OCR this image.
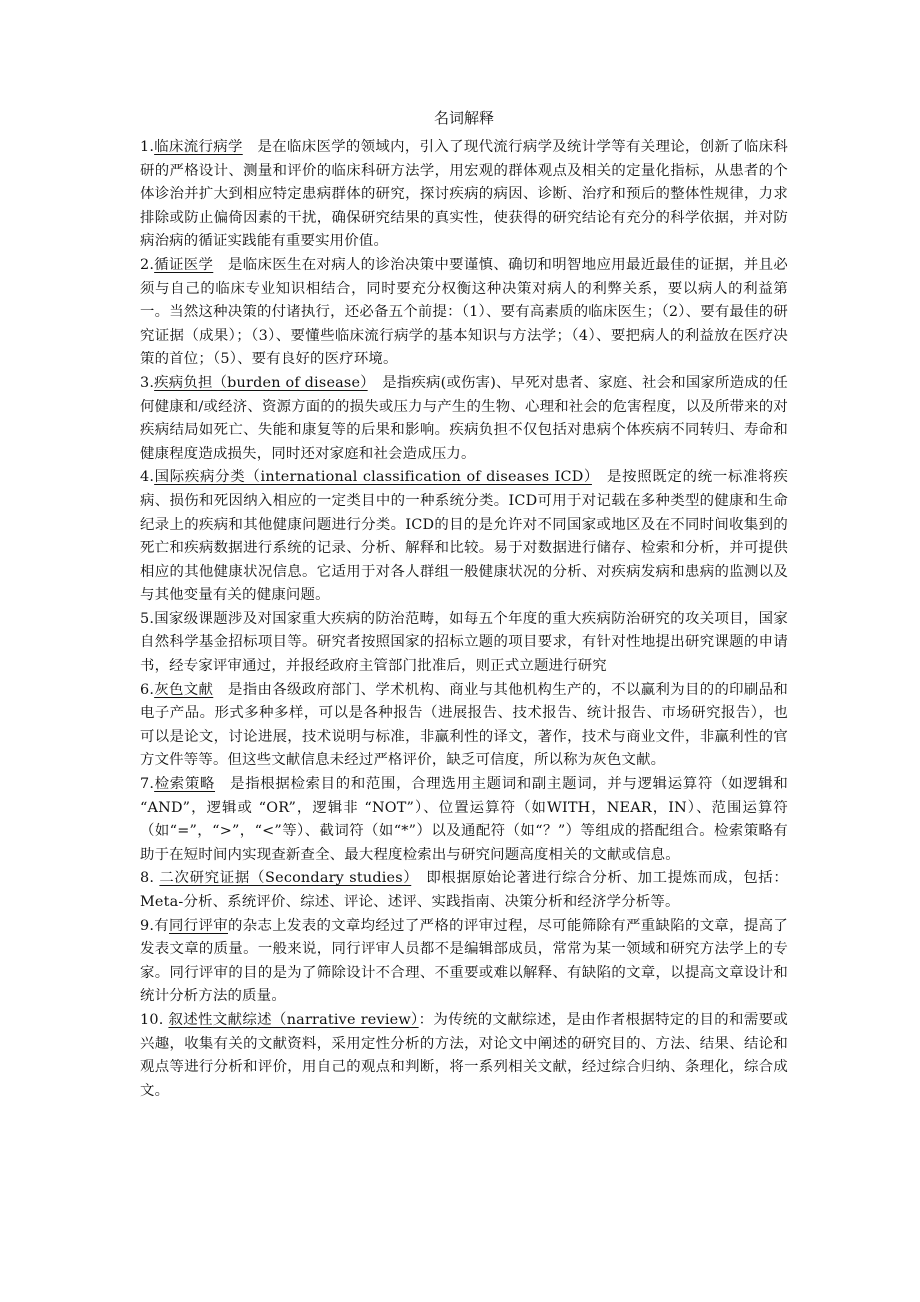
名词解释

1.临床流行病学　是在临床医学的领域内，引入了现代流行病学及统计学等有关理论，创新了临床科研的严格设计、测量和评价的临床科研方法学，用宏观的群体观点及相关的定量化指标，从患者的个体诊治并扩大到相应特定患病群体的研究，探讨疾病的病因、诊断、治疗和预后的整体性规律，力求排除或防止偏倚因素的干扰，确保研究结果的真实性，使获得的研究结论有充分的科学依据，并对防病治病的循证实践能有重要实用价值。

2.循证医学　是临床医生在对病人的诊治决策中要谨慎、确切和明智地应用最近最佳的证据，并且必须与自己的临床专业知识相结合，同时要充分权衡这种决策对病人的利弊关系，要以病人的利益第一。当然这种决策的付诸执行，还必备五个前提：（1）、要有高素质的临床医生；（2）、要有最佳的研究证据（成果）；（3）、要懂些临床流行病学的基本知识与方法学；（4）、要把病人的利益放在医疗决策的首位；（5）、要有良好的医疗环境。

3.疾病负担（burden of disease）　是指疾病(或伤害)、早死对患者、家庭、社会和国家所造成的任何健康和/或经济、资源方面的的损失或压力与产生的生物、心理和社会的危害程度，以及所带来的对疾病结局如死亡、失能和康复等的后果和影响。疾病负担不仅包括对患病个体疾病不同转归、寿命和健康程度造成损失，同时还对家庭和社会造成压力。

4.国际疾病分类（international classification of diseases ICD）　是按照既定的统一标准将疾病、损伤和死因纳入相应的一定类目中的一种系统分类。ICD可用于对记载在多种类型的健康和生命纪录上的疾病和其他健康问题进行分类。ICD的目的是允许对不同国家或地区及在不同时间收集到的死亡和疾病数据进行系统的记录、分析、解释和比较。易于对数据进行储存、检索和分析，并可提供相应的其他健康状况信息。它适用于对各人群组一般健康状况的分析、对疾病发病和患病的监测以及与其他变量有关的健康问题。

5.国家级课题涉及对国家重大疾病的防治范畴，如每五个年度的重大疾病防治研究的攻关项目，国家自然科学基金招标项目等。研究者按照国家的招标立题的项目要求，有针对性地提出研究课题的申请书，经专家评审通过，并报经政府主管部门批准后，则正式立题进行研究

6.灰色文献　是指由各级政府部门、学术机构、商业与其他机构生产的，不以赢利为目的的印刷品和电子产品。形式多种多样，可以是各种报告（进展报告、技术报告、统计报告、市场研究报告），也可以是论文，讨论进展，技术说明与标准，非赢利性的译文，著作，技术与商业文件，非赢利性的官方文件等等。但这些文献信息未经过严格评价，缺乏可信度，所以称为灰色文献。

7.检索策略　是指根据检索目的和范围，合理选用主题词和副主题词，并与逻辑运算符（如逻辑和 “AND”，逻辑或 “OR”，逻辑非 “NOT”）、位置运算符（如WITH，NEAR，IN）、范围运算符（如“=”，“>”，“<”等）、截词符（如“*”）以及通配符（如“？”）等组成的搭配组合。检索策略有助于在短时间内实现查新查全、最大程度检索出与研究问题高度相关的文献或信息。

8. 二次研究证据（Secondary studies）　即根据原始论著进行综合分析、加工提炼而成，包括：Meta-分析、系统评价、综述、评论、述评、实践指南、决策分析和经济学分析等。

9.有同行评审的杂志上发表的文章均经过了严格的评审过程，尽可能筛除有严重缺陷的文章，提高了发表文章的质量。一般来说，同行评审人员都不是编辑部成员，常常为某一领域和研究方法学上的专家。同行评审的目的是为了筛除设计不合理、不重要或难以解释、有缺陷的文章，以提高文章设计和统计分析方法的质量。

10. 叙述性文献综述（narrative review）：为传统的文献综述，是由作者根据特定的目的和需要或兴趣，收集有关的文献资料，采用定性分析的方法，对论文中阐述的研究目的、方法、结果、结论和观点等进行分析和评价，用自己的观点和判断，将一系列相关文献，经过综合归纳、条理化，综合成文。
